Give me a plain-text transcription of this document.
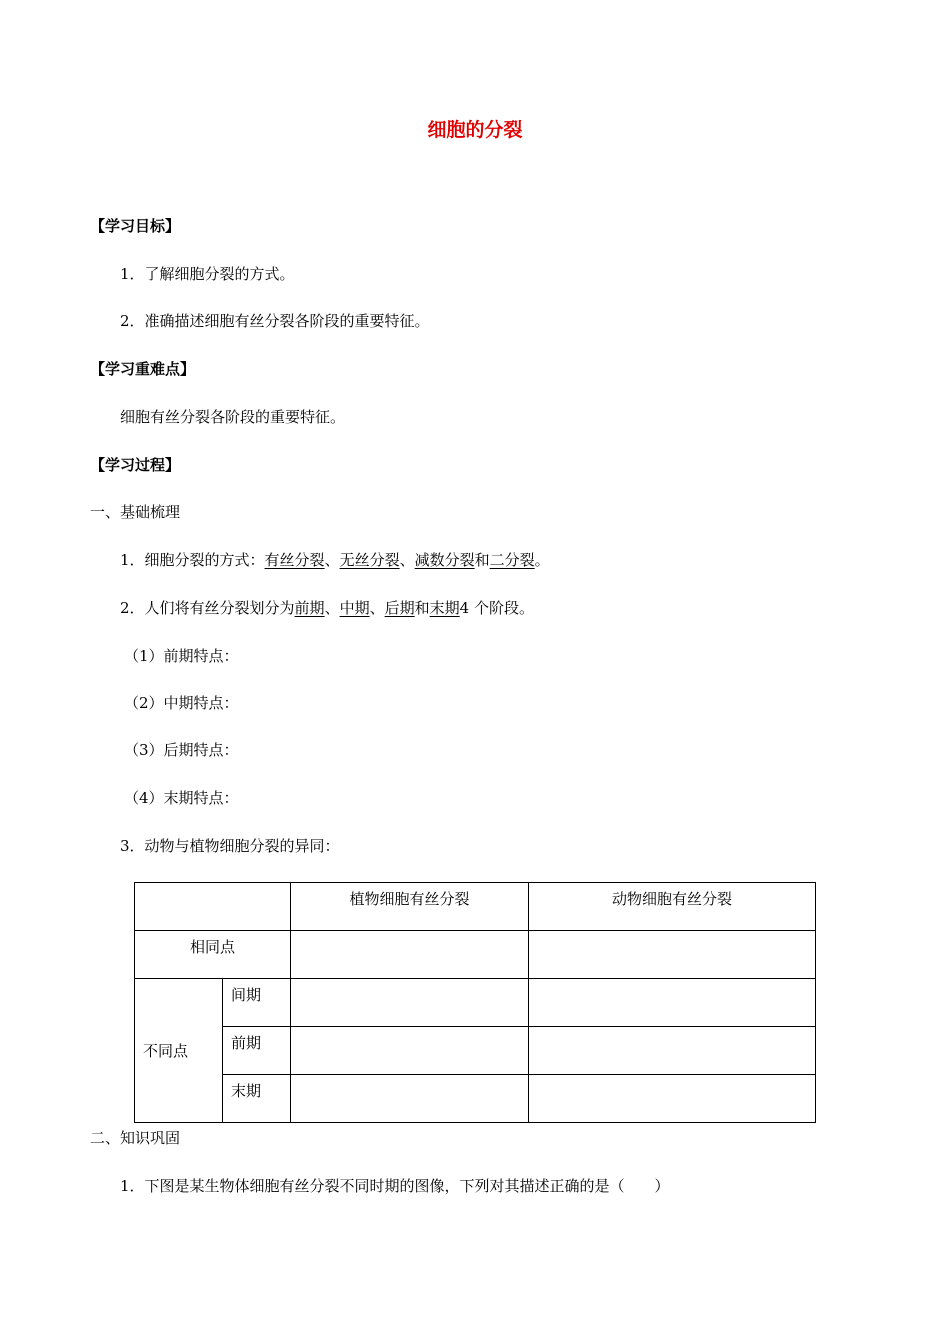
细胞的分裂
【学习目标】
1．了解细胞分裂的方式。
2．准确描述细胞有丝分裂各阶段的重要特征。
【学习重难点】
细胞有丝分裂各阶段的重要特征。
【学习过程】
一、基础梳理
1．细胞分裂的方式：有丝分裂、无丝分裂、减数分裂和二分裂。
2．人们将有丝分裂划分为前期、中期、后期和末期4 个阶段。
（1）前期特点：
（2）中期特点：
（3）后期特点：
（4）末期特点：
3．动物与植物细胞分裂的异同：
		植物细胞有丝分裂	动物细胞有丝分裂
相同点			
不同点	间期		
	前期		
	末期		
二、知识巩固
1．下图是某生物体细胞有丝分裂不同时期的图像，下列对其描述正确的是（　　）
